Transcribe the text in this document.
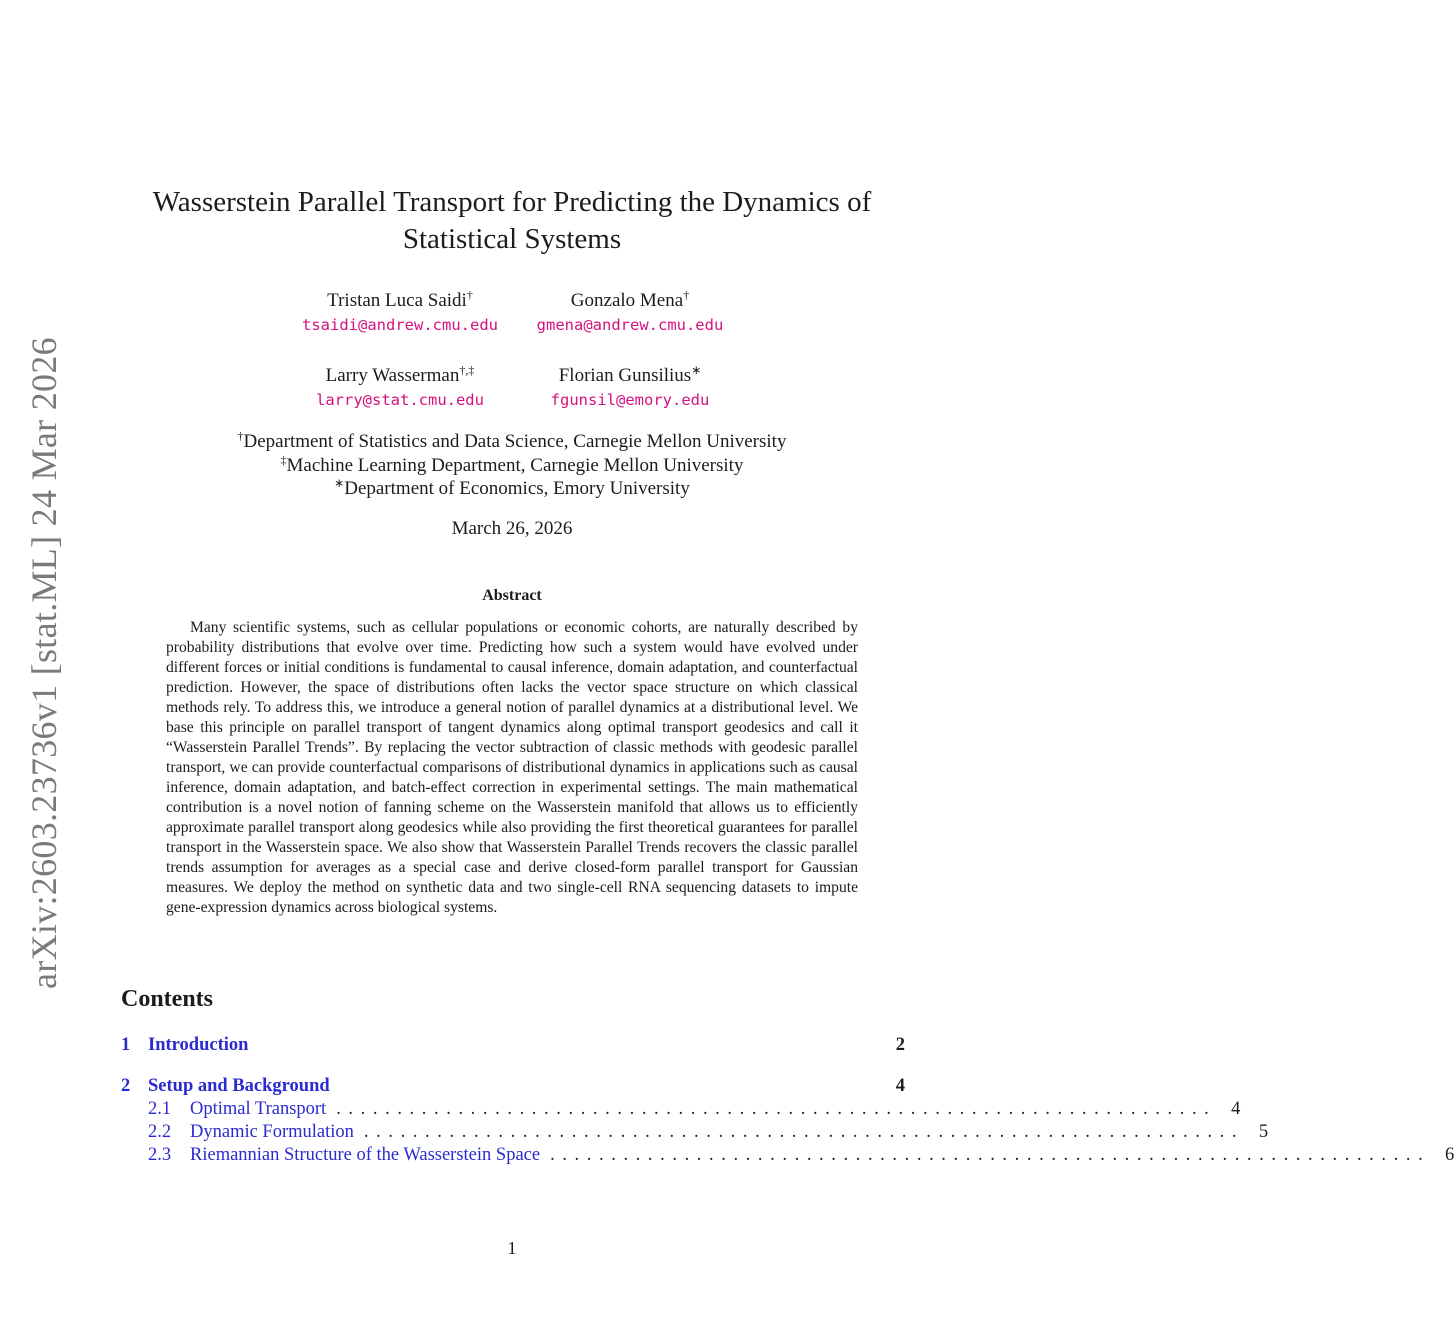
arXiv:2603.23736v1 [stat.ML] 24 Mar 2026
Wasserstein Parallel Transport for Predicting the Dynamics of Statistical Systems
Tristan Luca Saidi†
tsaidi@andrew.cmu.edu
Gonzalo Mena†
gmena@andrew.cmu.edu
Larry Wasserman†,‡
larry@stat.cmu.edu
Florian Gunsilius∗
fgunsil@emory.edu
†Department of Statistics and Data Science, Carnegie Mellon University
‡Machine Learning Department, Carnegie Mellon University
∗Department of Economics, Emory University
March 26, 2026
Abstract
Many scientific systems, such as cellular populations or economic cohorts, are naturally described by probability distributions that evolve over time. Predicting how such a system would have evolved under different forces or initial conditions is fundamental to causal inference, domain adaptation, and counterfactual prediction. However, the space of distributions often lacks the vector space structure on which classical methods rely. To address this, we introduce a general notion of parallel dynamics at a distributional level. We base this principle on parallel transport of tangent dynamics along optimal transport geodesics and call it “Wasserstein Parallel Trends”. By replacing the vector subtraction of classic methods with geodesic parallel transport, we can provide counterfactual comparisons of distributional dynamics in applications such as causal inference, domain adaptation, and batch-effect correction in experimental settings. The main mathematical contribution is a novel notion of fanning scheme on the Wasserstein manifold that allows us to efficiently approximate parallel transport along geodesics while also providing the first theoretical guarantees for parallel transport in the Wasserstein space. We also show that Wasserstein Parallel Trends recovers the classic parallel trends assumption for averages as a special case and derive closed-form parallel transport for Gaussian measures. We deploy the method on synthetic data and two single-cell RNA sequencing datasets to impute gene-expression dynamics across biological systems.
Contents
1 Introduction	2
2 Setup and Background	4
2.1	Optimal Transport ........................................................................ 4
2.2	Dynamic Formulation ........................................................................ 5
2.3	Riemannian Structure of the Wasserstein Space ........................................................................ 6
1
